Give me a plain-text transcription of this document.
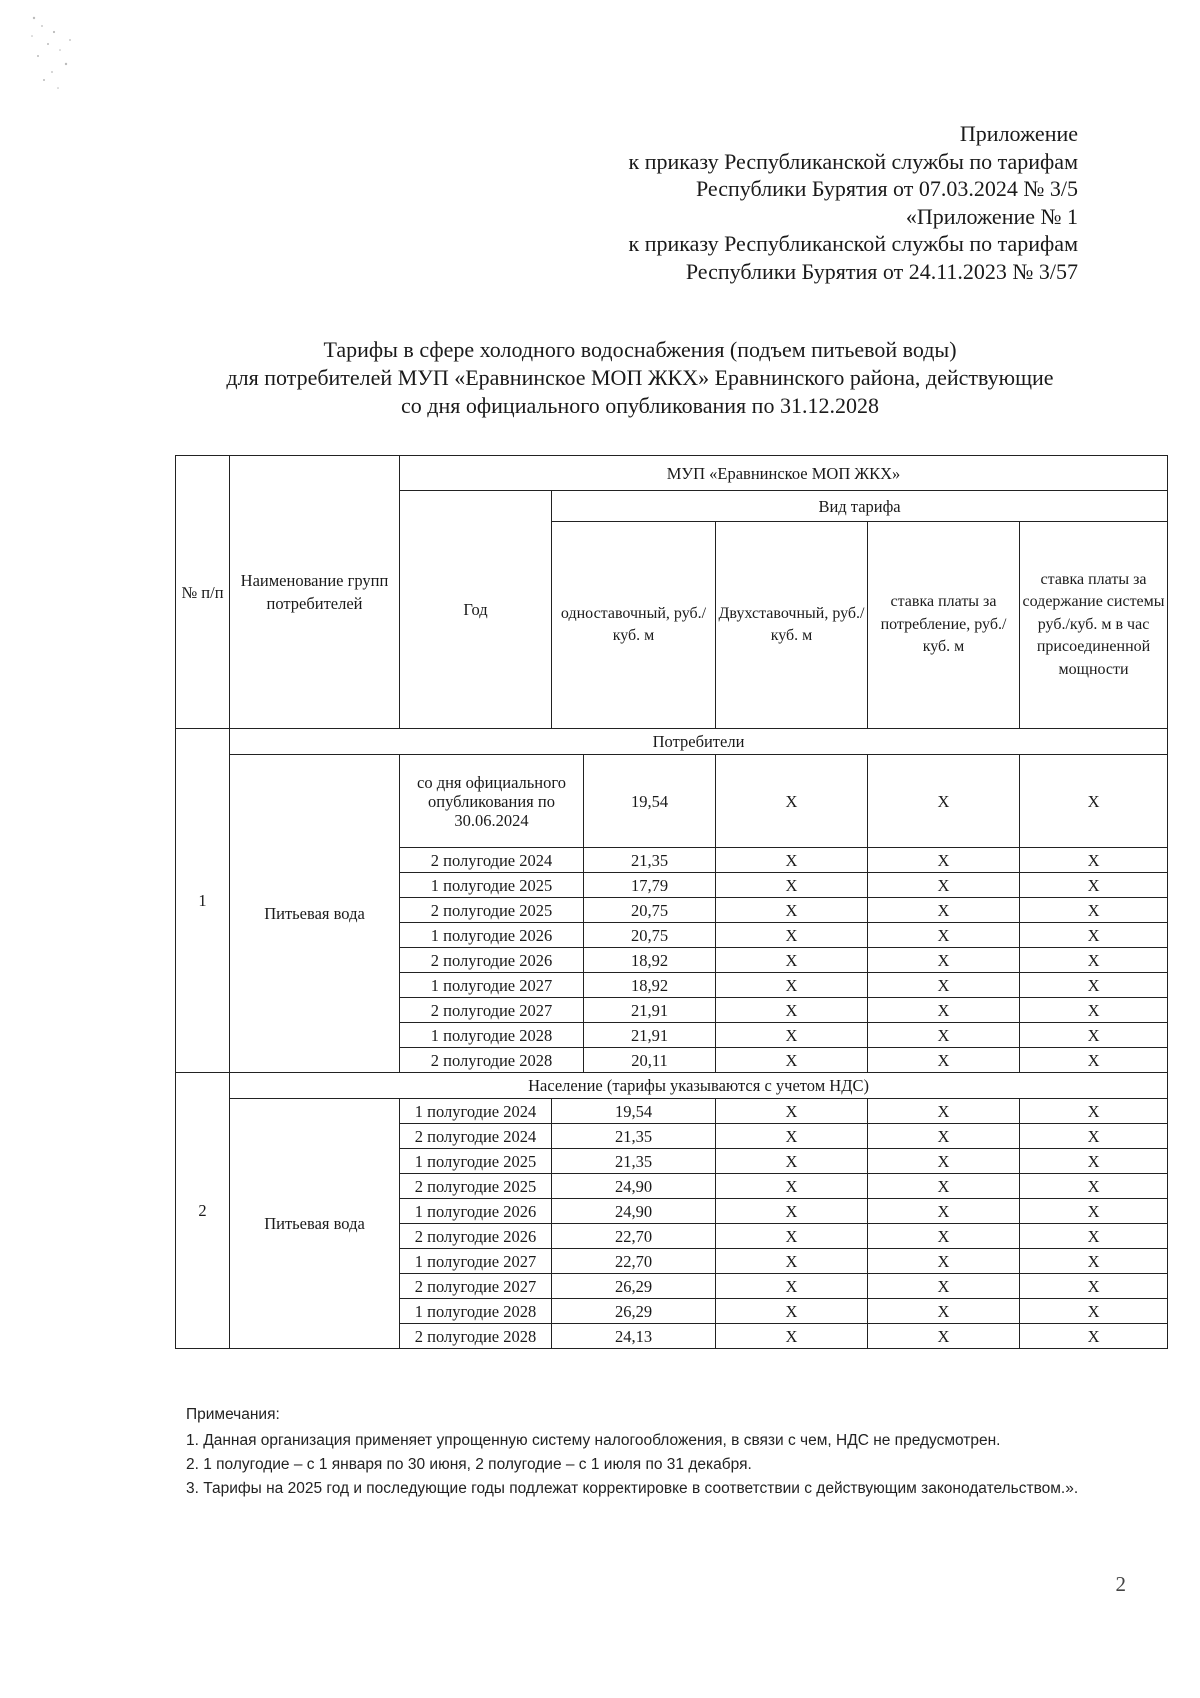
Приложение
к приказу Республиканской службы по тарифам
Республики Бурятия от 07.03.2024 № 3/5
«Приложение № 1
к приказу Республиканской службы по тарифам
Республики Бурятия от 24.11.2023 № 3/57
Тарифы в сфере холодного водоснабжения (подъем питьевой воды)
для потребителей МУП «Еравнинское МОП ЖКХ» Еравнинского района, действующие
со дня официального опубликования по 31.12.2028
№ п/п	Наименование групп потребителей	МУП «Еравнинское МОП ЖКХ»					
		Год	Вид тарифа				
			одноставочный, руб./ куб. м		Двухставочный, руб./ куб. м	ставка платы за потребление, руб./ куб. м	ставка платы за содержание системы руб./куб. м в час присоединенной мощности
1	Потребители						
	Питьевая вода	со дня официального опубликования по 30.06.2024		19,54	X	X	X
		2 полугодие 2024		21,35	X	X	X
		1 полугодие 2025		17,79	X	X	X
		2 полугодие 2025		20,75	X	X	X
		1 полугодие 2026		20,75	X	X	X
		2 полугодие 2026		18,92	X	X	X
		1 полугодие 2027		18,92	X	X	X
		2 полугодие 2027		21,91	X	X	X
		1 полугодие 2028		21,91	X	X	X
		2 полугодие 2028		20,11	X	X	X
2	Население (тарифы указываются с учетом НДС)						
	Питьевая вода	1 полугодие 2024	19,54		X	X	X
		2 полугодие 2024	21,35		X	X	X
		1 полугодие 2025	21,35		X	X	X
		2 полугодие 2025	24,90		X	X	X
		1 полугодие 2026	24,90		X	X	X
		2 полугодие 2026	22,70		X	X	X
		1 полугодие 2027	22,70		X	X	X
		2 полугодие 2027	26,29		X	X	X
		1 полугодие 2028	26,29		X	X	X
		2 полугодие 2028	24,13		X	X	X

Примечания:

1. Данная организация применяет упрощенную систему налогообложения, в связи с чем, НДС не предусмотрен.

2. 1 полугодие – с 1 января по 30 июня, 2 полугодие – с 1 июля по 31 декабря.

3. Тарифы на 2025 год и последующие годы подлежат корректировке в соответствии с действующим законодательством.».

2
